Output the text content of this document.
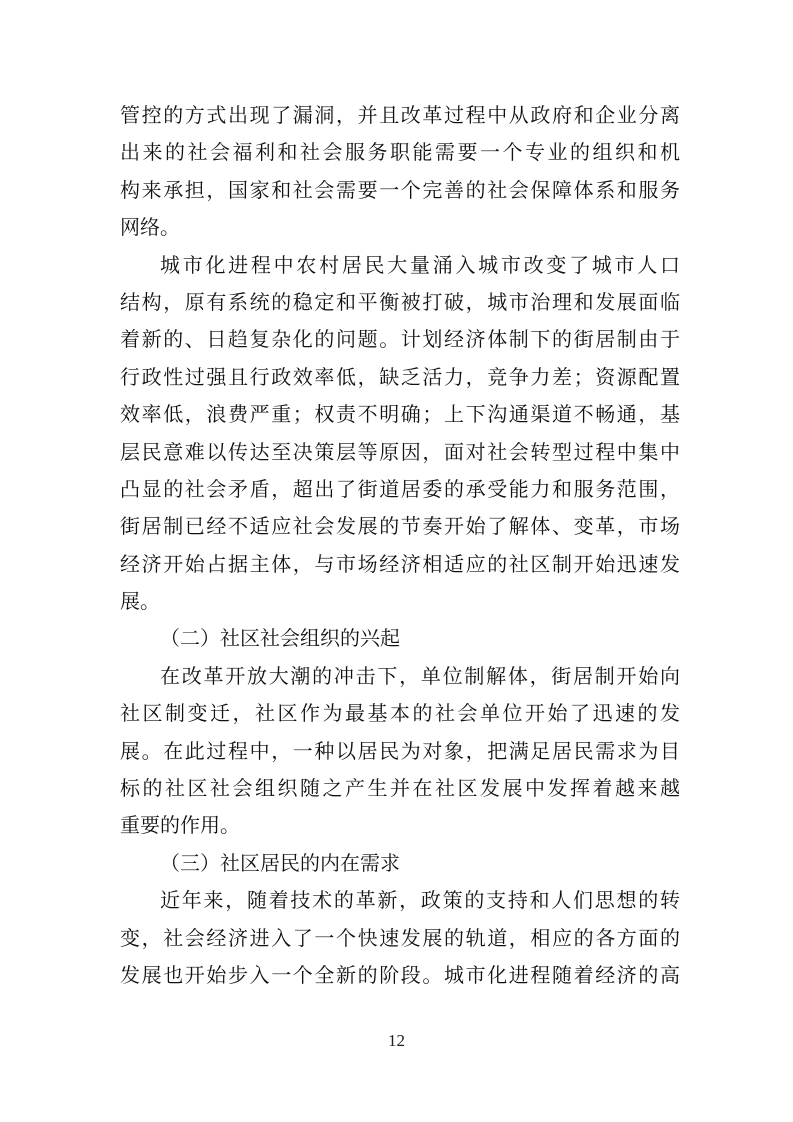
管控的方式出现了漏洞，并且改革过程中从政府和企业分离
出来的社会福利和社会服务职能需要一个专业的组织和机
构来承担，国家和社会需要一个完善的社会保障体系和服务
网络。
城市化进程中农村居民大量涌入城市改变了城市人口
结构，原有系统的稳定和平衡被打破，城市治理和发展面临
着新的、日趋复杂化的问题。计划经济体制下的街居制由于
行政性过强且行政效率低，缺乏活力，竞争力差；资源配置
效率低，浪费严重；权责不明确；上下沟通渠道不畅通，基
层民意难以传达至决策层等原因，面对社会转型过程中集中
凸显的社会矛盾，超出了街道居委的承受能力和服务范围，
街居制已经不适应社会发展的节奏开始了解体、变革，市场
经济开始占据主体，与市场经济相适应的社区制开始迅速发
展。
（二）社区社会组织的兴起
在改革开放大潮的冲击下，单位制解体，街居制开始向
社区制变迁，社区作为最基本的社会单位开始了迅速的发
展。在此过程中，一种以居民为对象，把满足居民需求为目
标的社区社会组织随之产生并在社区发展中发挥着越来越
重要的作用。
（三）社区居民的内在需求
近年来，随着技术的革新，政策的支持和人们思想的转
变，社会经济进入了一个快速发展的轨道，相应的各方面的
发展也开始步入一个全新的阶段。城市化进程随着经济的高
12
